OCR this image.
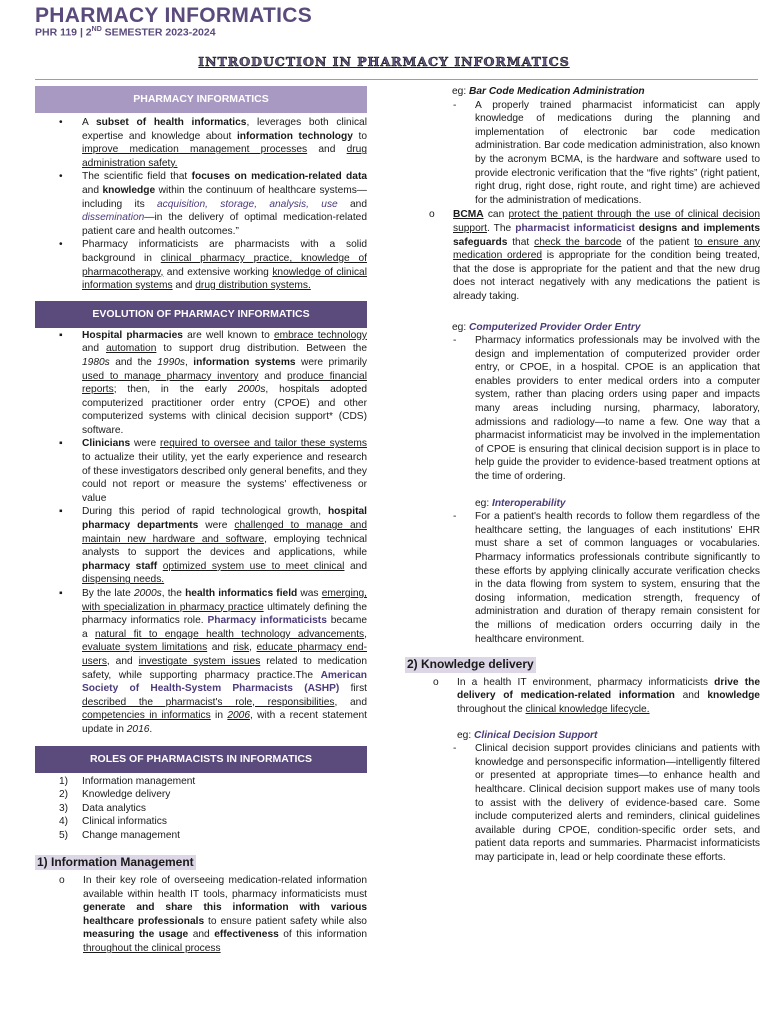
PHARMACY INFORMATICS
PHR 119 | 2ND SEMESTER 2023-2024
INTRODUCTION IN PHARMACY INFORMATICS
PHARMACY INFORMATICS
• A subset of health informatics, leverages both clinical expertise and knowledge about information technology to improve medication management processes and drug administration safety.
• The scientific field that focuses on medication-related data and knowledge within the continuum of healthcare systems—including its acquisition, storage, analysis, use and dissemination—in the delivery of optimal medication-related patient care and health outcomes.”
• Pharmacy informaticists are pharmacists with a solid background in clinical pharmacy practice, knowledge of pharmacotherapy, and extensive working knowledge of clinical information systems and drug distribution systems.
EVOLUTION OF PHARMACY INFORMATICS
▪ Hospital pharmacies are well known to embrace technology and automation to support drug distribution. Between the 1980s and the 1990s, information systems were primarily used to manage pharmacy inventory and produce financial reports; then, in the early 2000s, hospitals adopted computerized practitioner order entry (CPOE) and other computerized systems with clinical decision support* (CDS) software.
▪ Clinicians were required to oversee and tailor these systems to actualize their utility, yet the early experience and research of these investigators described only general benefits, and they could not report or measure the systems' effectiveness or value
▪ During this period of rapid technological growth, hospital pharmacy departments were challenged to manage and maintain new hardware and software, employing technical analysts to support the devices and applications, while pharmacy staff optimized system use to meet clinical and dispensing needs.
▪ By the late 2000s, the health informatics field was emerging, with specialization in pharmacy practice ultimately defining the pharmacy informatics role. Pharmacy informaticists became a natural fit to engage health technology advancements, evaluate system limitations and risk, educate pharmacy end-users, and investigate system issues related to medication safety, while supporting pharmacy practice.The American Society of Health-System Pharmacists (ASHP) first described the pharmacist's role, responsibilities, and competencies in informatics in 2006, with a recent statement update in 2016.
ROLES OF PHARMACISTS IN INFORMATICS
1) Information management
2) Knowledge delivery
3) Data analytics
4) Clinical informatics
5) Change management
1) Information Management
o In their key role of overseeing medication-related information available within health IT tools, pharmacy informaticists must generate and share this information with various healthcare professionals to ensure patient safety while also measuring the usage and effectiveness of this information throughout the clinical process
eg: Bar Code Medication Administration
- A properly trained pharmacist informaticist can apply knowledge of medications during the planning and implementation of electronic bar code medication administration. Bar code medication administration, also known by the acronym BCMA, is the hardware and software used to provide electronic verification that the “five rights” (right patient, right drug, right dose, right route, and right time) are achieved for the administration of medications.
o BCMA can protect the patient through the use of clinical decision support. The pharmacist informaticist designs and implements safeguards that check the barcode of the patient to ensure any medication ordered is appropriate for the condition being treated, that the dose is appropriate for the patient and that the new drug does not interact negatively with any medications the patient is already taking.
eg: Computerized Provider Order Entry
- Pharmacy informatics professionals may be involved with the design and implementation of computerized provider order entry, or CPOE, in a hospital. CPOE is an application that enables providers to enter medical orders into a computer system, rather than placing orders using paper and impacts many areas including nursing, pharmacy, laboratory, admissions and radiology—to name a few. One way that a pharmacist informaticist may be involved in the implementation of CPOE is ensuring that clinical decision support is in place to help guide the provider to evidence-based treatment options at the time of ordering.
eg: Interoperability
- For a patient's health records to follow them regardless of the healthcare setting, the languages of each institutions' EHR must share a set of common languages or vocabularies. Pharmacy informatics professionals contribute significantly to these efforts by applying clinically accurate verification checks in the data flowing from system to system, ensuring that the dosing information, medication strength, frequency of administration and duration of therapy remain consistent for the millions of medication orders occurring daily in the healthcare environment.
2) Knowledge delivery
o In a health IT environment, pharmacy informaticists drive the delivery of medication-related information and knowledge throughout the clinical knowledge lifecycle.
eg: Clinical Decision Support
- Clinical decision support provides clinicians and patients with knowledge and personspecific information—intelligently filtered or presented at appropriate times—to enhance health and healthcare. Clinical decision support makes use of many tools to assist with the delivery of evidence-based care. Some include computerized alerts and reminders, clinical guidelines available during CPOE, condition-specific order sets, and patient data reports and summaries. Pharmacist informaticists may participate in, lead or help coordinate these efforts.
